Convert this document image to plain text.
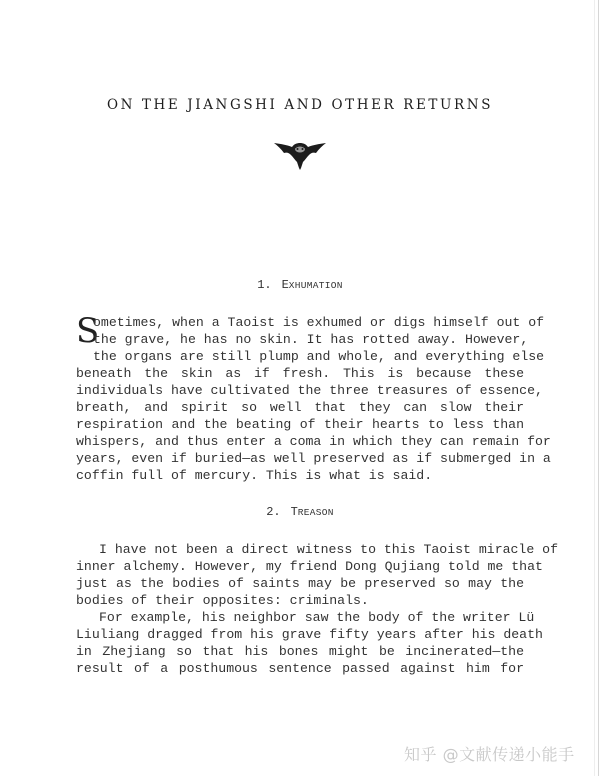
ON THE JIANGSHI AND OTHER RETURNS
1. EXHUMATION
S
ometimes, when a Taoist is exhumed or digs himself out of
the grave, he has no skin. It has rotted away. However,
the organs are still plump and whole, and everything else
beneath the skin as if fresh. This is because these
individuals have cultivated the three treasures of essence,
breath, and spirit so well that they can slow their
respiration and the beating of their hearts to less than
whispers, and thus enter a coma in which they can remain for
years, even if buried—as well preserved as if submerged in a
coffin full of mercury. This is what is said.
2. TREASON
I have not been a direct witness to this Taoist miracle of
inner alchemy. However, my friend Dong Qujiang told me that
just as the bodies of saints may be preserved so may the
bodies of their opposites: criminals.
For example, his neighbor saw the body of the writer Lü
Liuliang dragged from his grave fifty years after his death
in Zhejiang so that his bones might be incinerated—the
result of a posthumous sentence passed against him for
知乎 @文献传递小能手
